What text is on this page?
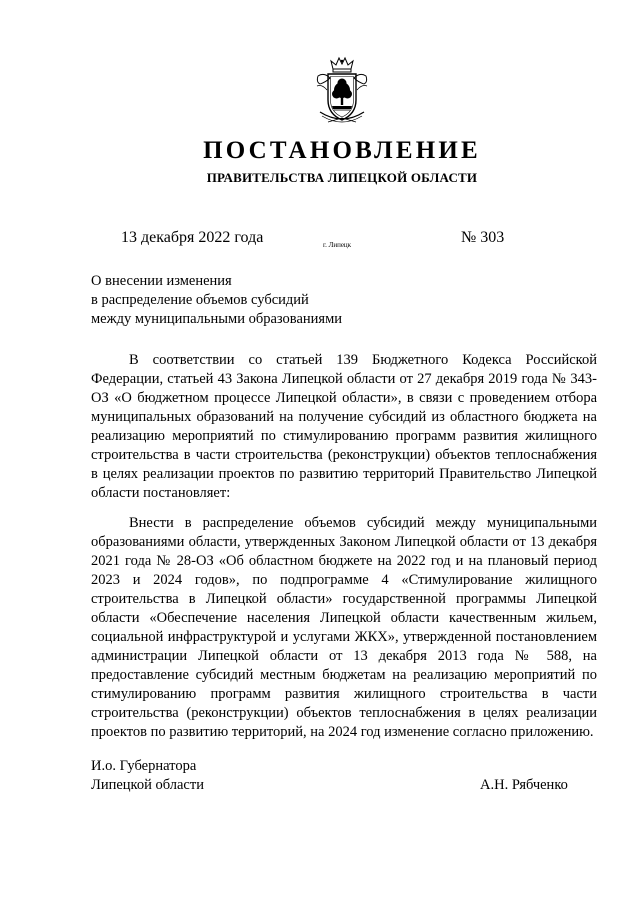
ПОСТАНОВЛЕНИЕ
ПРАВИТЕЛЬСТВА ЛИПЕЦКОЙ ОБЛАСТИ
13 декабря 2022 года	г. Липецк	№ 303
О внесении изменения
в распределение объемов субсидий
между муниципальными образованиями

В соответствии со статьей 139 Бюджетного Кодекса Российской Федерации, статьей 43 Закона Липецкой области от 27 декабря 2019 года № 343-ОЗ «О бюджетном процессе Липецкой области», в связи с проведением отбора муниципальных образований на получение субсидий из областного бюджета на реализацию мероприятий по стимулированию программ развития жилищного строительства в части строительства (реконструкции) объектов теплоснабжения в целях реализации проектов по развитию территорий Правительство Липецкой области постановляет:

Внести в распределение объемов субсидий между муниципальными образованиями области, утвержденных Законом Липецкой области от 13 декабря 2021 года № 28-ОЗ «Об областном бюджете на 2022 год и на плановый период 2023 и 2024 годов», по подпрограмме 4 «Стимулирование жилищного строительства в Липецкой области» государственной программы Липецкой области «Обеспечение населения Липецкой области качественным жильем, социальной инфраструктурой и услугами ЖКХ», утвержденной постановлением администрации Липецкой области от 13 декабря 2013 года № 588, на предоставление субсидий местным бюджетам на реализацию мероприятий по стимулированию программ развития жилищного строительства в части строительства (реконструкции) объектов теплоснабжения в целях реализации проектов по развитию территорий, на 2024 год изменение согласно приложению.

И.о. Губернатора
Липецкой области	А.Н. Рябченко
